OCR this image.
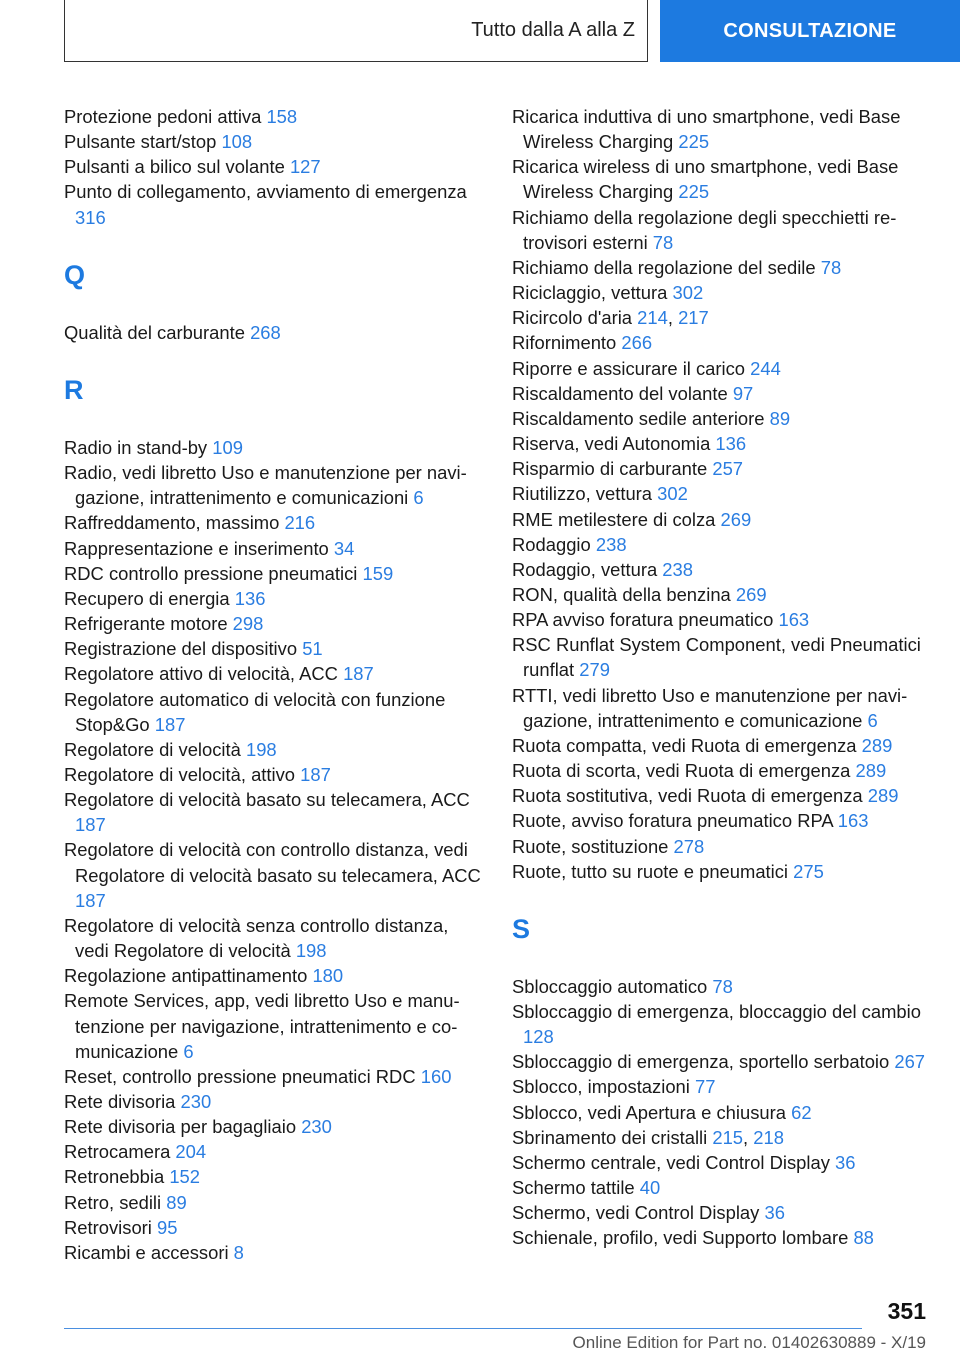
Tutto dalla A alla Z	CONSULTAZIONE
Protezione pedoni attiva 158
Pulsante start/stop 108
Pulsanti a bilico sul volante 127
Punto di collegamento, avviamento di emergenza 316
Q
Qualità del carburante 268
R
Radio in stand-by 109
Radio, vedi libretto Uso e manutenzione per navigazione, intrattenimento e comunicazioni 6
Raffreddamento, massimo 216
Rappresentazione e inserimento 34
RDC controllo pressione pneumatici 159
Recupero di energia 136
Refrigerante motore 298
Registrazione del dispositivo 51
Regolatore attivo di velocità, ACC 187
Regolatore automatico di velocità con funzione Stop&Go 187
Regolatore di velocità 198
Regolatore di velocità, attivo 187
Regolatore di velocità basato su telecamera, ACC 187
Regolatore di velocità con controllo distanza, vedi Regolatore di velocità basato su telecamera, ACC 187
Regolatore di velocità senza controllo distanza, vedi Regolatore di velocità 198
Regolazione antipattinamento 180
Remote Services, app, vedi libretto Uso e manutenzione per navigazione, intrattenimento e comunicazione 6
Reset, controllo pressione pneumatici RDC 160
Rete divisoria 230
Rete divisoria per bagagliaio 230
Retrocamera 204
Retronebbia 152
Retro, sedili 89
Retrovisori 95
Ricambi e accessori 8
Ricarica induttiva di uno smartphone, vedi Base Wireless Charging 225
Ricarica wireless di uno smartphone, vedi Base Wireless Charging 225
Richiamo della regolazione degli specchietti retrovisori esterni 78
Richiamo della regolazione del sedile 78
Riciclaggio, vettura 302
Ricircolo d'aria 214, 217
Rifornimento 266
Riporre e assicurare il carico 244
Riscaldamento del volante 97
Riscaldamento sedile anteriore 89
Riserva, vedi Autonomia 136
Risparmio di carburante 257
Riutilizzo, vettura 302
RME metilestere di colza 269
Rodaggio 238
Rodaggio, vettura 238
RON, qualità della benzina 269
RPA avviso foratura pneumatico 163
RSC Runflat System Component, vedi Pneumatici runflat 279
RTTI, vedi libretto Uso e manutenzione per navigazione, intrattenimento e comunicazione 6
Ruota compatta, vedi Ruota di emergenza 289
Ruota di scorta, vedi Ruota di emergenza 289
Ruota sostitutiva, vedi Ruota di emergenza 289
Ruote, avviso foratura pneumatico RPA 163
Ruote, sostituzione 278
Ruote, tutto su ruote e pneumatici 275
S
Sbloccaggio automatico 78
Sbloccaggio di emergenza, bloccaggio del cambio 128
Sbloccaggio di emergenza, sportello serbatoio 267
Sblocco, impostazioni 77
Sblocco, vedi Apertura e chiusura 62
Sbrinamento dei cristalli 215, 218
Schermo centrale, vedi Control Display 36
Schermo tattile 40
Schermo, vedi Control Display 36
Schienale, profilo, vedi Supporto lombare 88
351
Online Edition for Part no. 01402630889 - X/19
